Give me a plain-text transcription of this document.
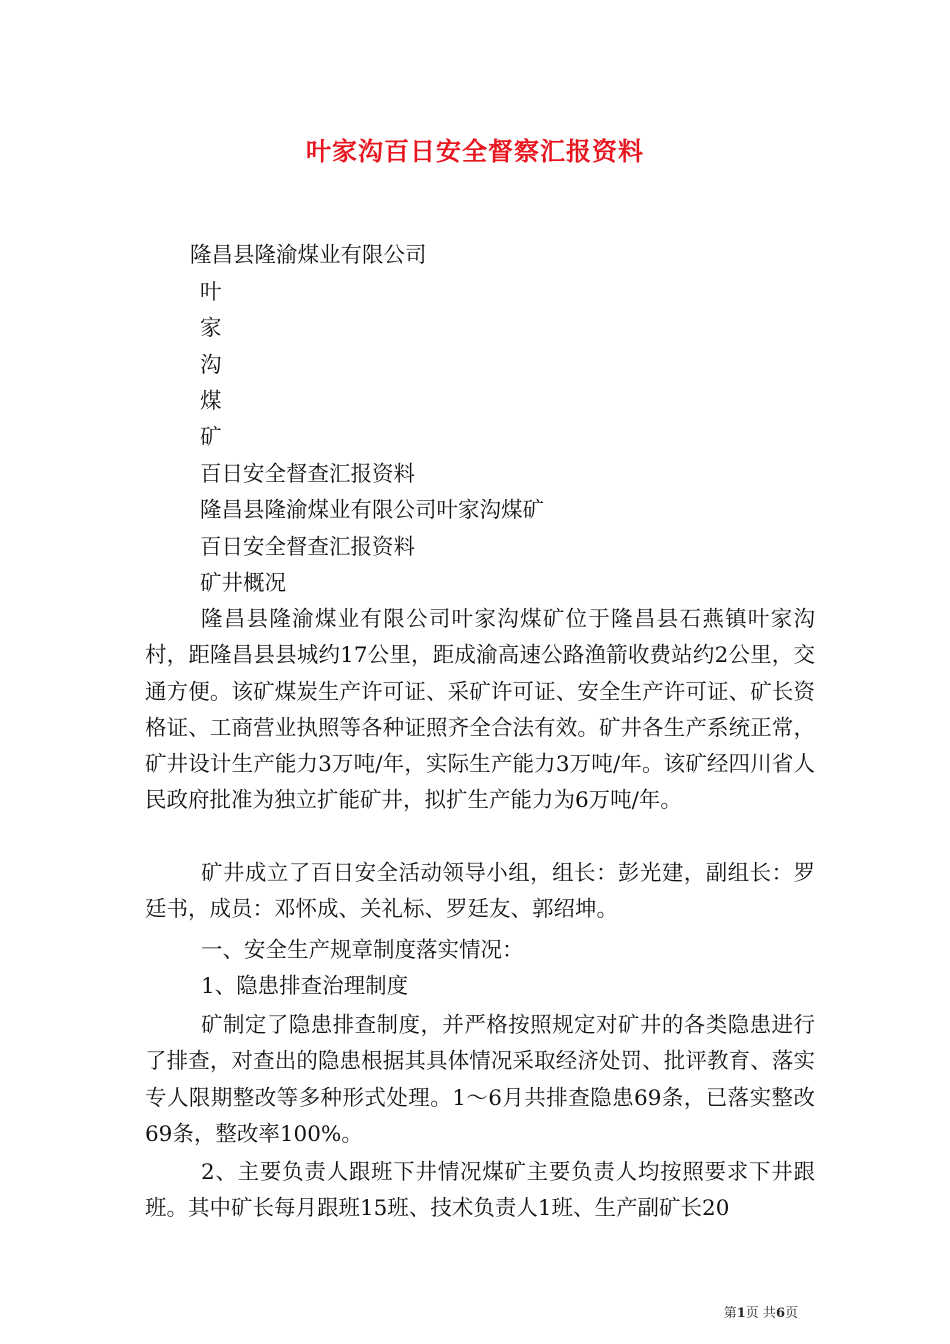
叶家沟百日安全督察汇报资料
隆昌县隆渝煤业有限公司
叶
家
沟
煤
矿
百日安全督查汇报资料
隆昌县隆渝煤业有限公司叶家沟煤矿
百日安全督查汇报资料
矿井概况
隆昌县隆渝煤业有限公司叶家沟煤矿位于隆昌县石燕镇叶家沟村，距隆昌县县城约17公里，距成渝高速公路渔箭收费站约2公里，交通方便。该矿煤炭生产许可证、采矿许可证、安全生产许可证、矿长资格证、工商营业执照等各种证照齐全合法有效。矿井各生产系统正常，矿井设计生产能力3万吨/年，实际生产能力3万吨/年。该矿经四川省人民政府批准为独立扩能矿井，拟扩生产能力为6万吨/年。
矿井成立了百日安全活动领导小组，组长：彭光建，副组长：罗廷书，成员：邓怀成、关礼标、罗廷友、郭绍坤。
一、安全生产规章制度落实情况：
1、隐患排查治理制度
矿制定了隐患排查制度，并严格按照规定对矿井的各类隐患进行了排查，对查出的隐患根据其具体情况采取经济处罚、批评教育、落实专人限期整改等多种形式处理。1～6月共排查隐患69条，已落实整改69条，整改率100%。
2、主要负责人跟班下井情况煤矿主要负责人均按照要求下井跟班。其中矿长每月跟班15班、技术负责人1班、生产副矿长20
第1页 共6页
